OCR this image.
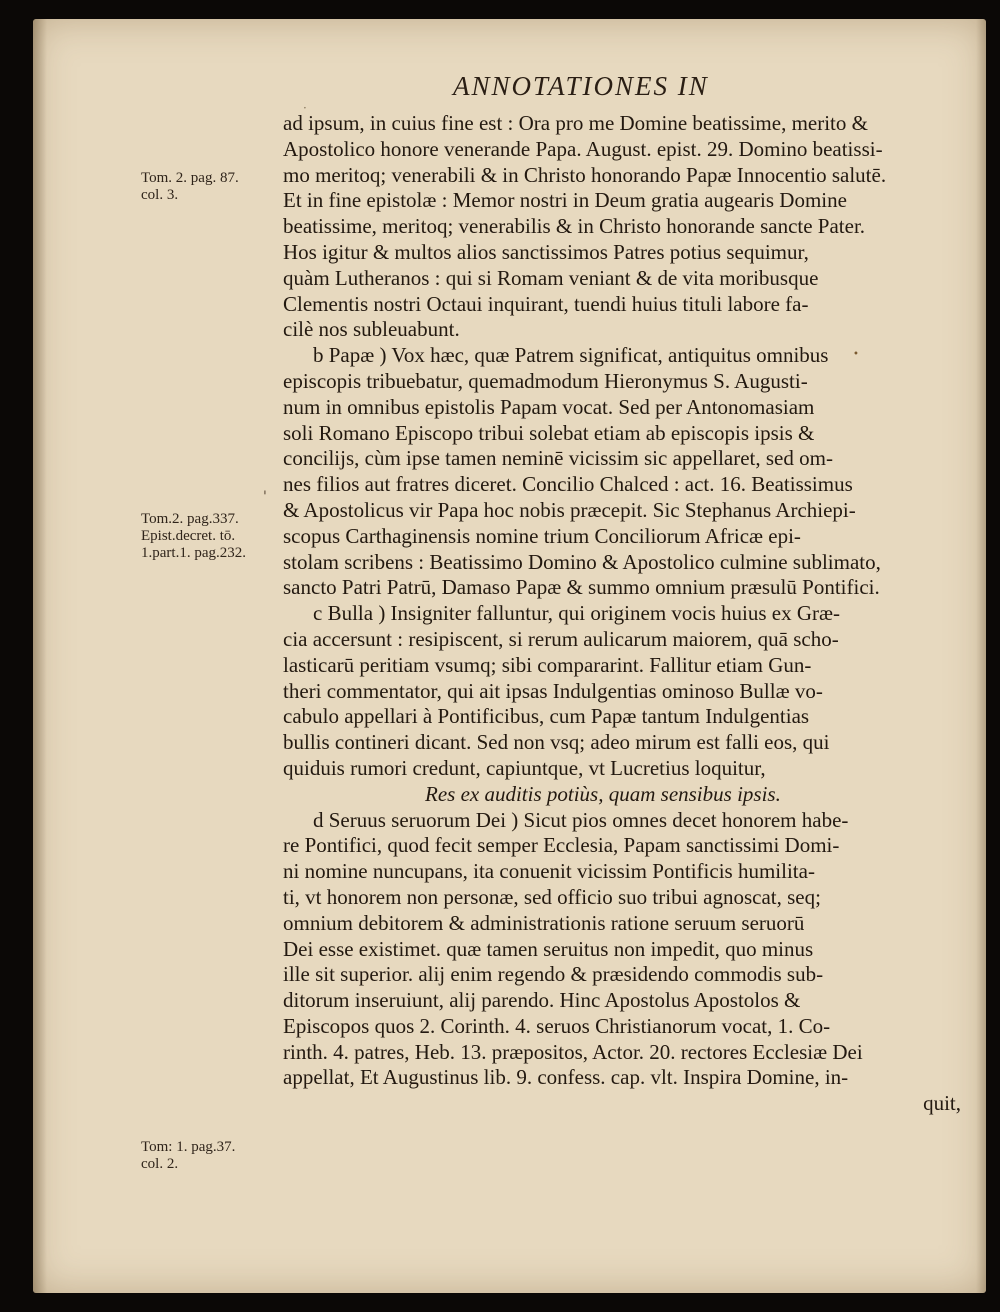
ANNOTATIONES IN
·
'
•
Tom. 2. pag. 87.
col. 3.
Tom.2. pag.337.
Epist.decret. tō.
1.part.1. pag.232.
Tom: 1. pag.37.
col. 2.
ad ipsum, in cuius fine est : Ora pro me Domine beatissime, merito &
Apostolico honore venerande Papa. August. epist. 29. Domino beatissi-
mo meritoq; venerabili & in Christo honorando Papæ Innocentio salutē.
Et in fine epistolæ : Memor nostri in Deum gratia augearis Domine
beatissime, meritoq; venerabilis & in Christo honorande sancte Pater.
Hos igitur & multos alios sanctissimos Patres potius sequimur,
quàm Lutheranos : qui si Romam veniant & de vita moribusque
Clementis nostri Octaui inquirant, tuendi huius tituli labore fa-
cilè nos subleuabunt.
b Papæ ) Vox hæc, quæ Patrem significat, antiquitus omnibus
episcopis tribuebatur, quemadmodum Hieronymus S. Augusti-
num in omnibus epistolis Papam vocat. Sed per Antonomasiam
soli Romano Episcopo tribui solebat etiam ab episcopis ipsis &
concilijs, cùm ipse tamen neminē vicissim sic appellaret, sed om-
nes filios aut fratres diceret. Concilio Chalced : act. 16. Beatissimus
& Apostolicus vir Papa hoc nobis præcepit. Sic Stephanus Archiepi-
scopus Carthaginensis nomine trium Conciliorum Africæ epi-
stolam scribens : Beatissimo Domino & Apostolico culmine sublimato,
sancto Patri Patrū, Damaso Papæ & summo omnium præsulū Pontifici.
c Bulla ) Insigniter falluntur, qui originem vocis huius ex Græ-
cia accersunt : resipiscent, si rerum aulicarum maiorem, quā scho-
lasticarū peritiam vsumq; sibi compararint. Fallitur etiam Gun-
theri commentator, qui ait ipsas Indulgentias ominoso Bullæ vo-
cabulo appellari à Pontificibus, cum Papæ tantum Indulgentias
bullis contineri dicant. Sed non vsq; adeo mirum est falli eos, qui
quiduis rumori credunt, capiuntque, vt Lucretius loquitur,
Res ex auditis potiùs, quam sensibus ipsis.
d Seruus seruorum Dei ) Sicut pios omnes decet honorem habe-
re Pontifici, quod fecit semper Ecclesia, Papam sanctissimi Domi-
ni nomine nuncupans, ita conuenit vicissim Pontificis humilita-
ti, vt honorem non personæ, sed officio suo tribui agnoscat, seq;
omnium debitorem & administrationis ratione seruum seruorū
Dei esse existimet. quæ tamen seruitus non impedit, quo minus
ille sit superior. alij enim regendo & præsidendo commodis sub-
ditorum inseruiunt, alij parendo. Hinc Apostolus Apostolos &
Episcopos quos 2. Corinth. 4. seruos Christianorum vocat, 1. Co-
rinth. 4. patres, Heb. 13. præpositos, Actor. 20. rectores Ecclesiæ Dei
appellat, Et Augustinus lib. 9. confess. cap. vlt. Inspira Domine, in-
quit,
